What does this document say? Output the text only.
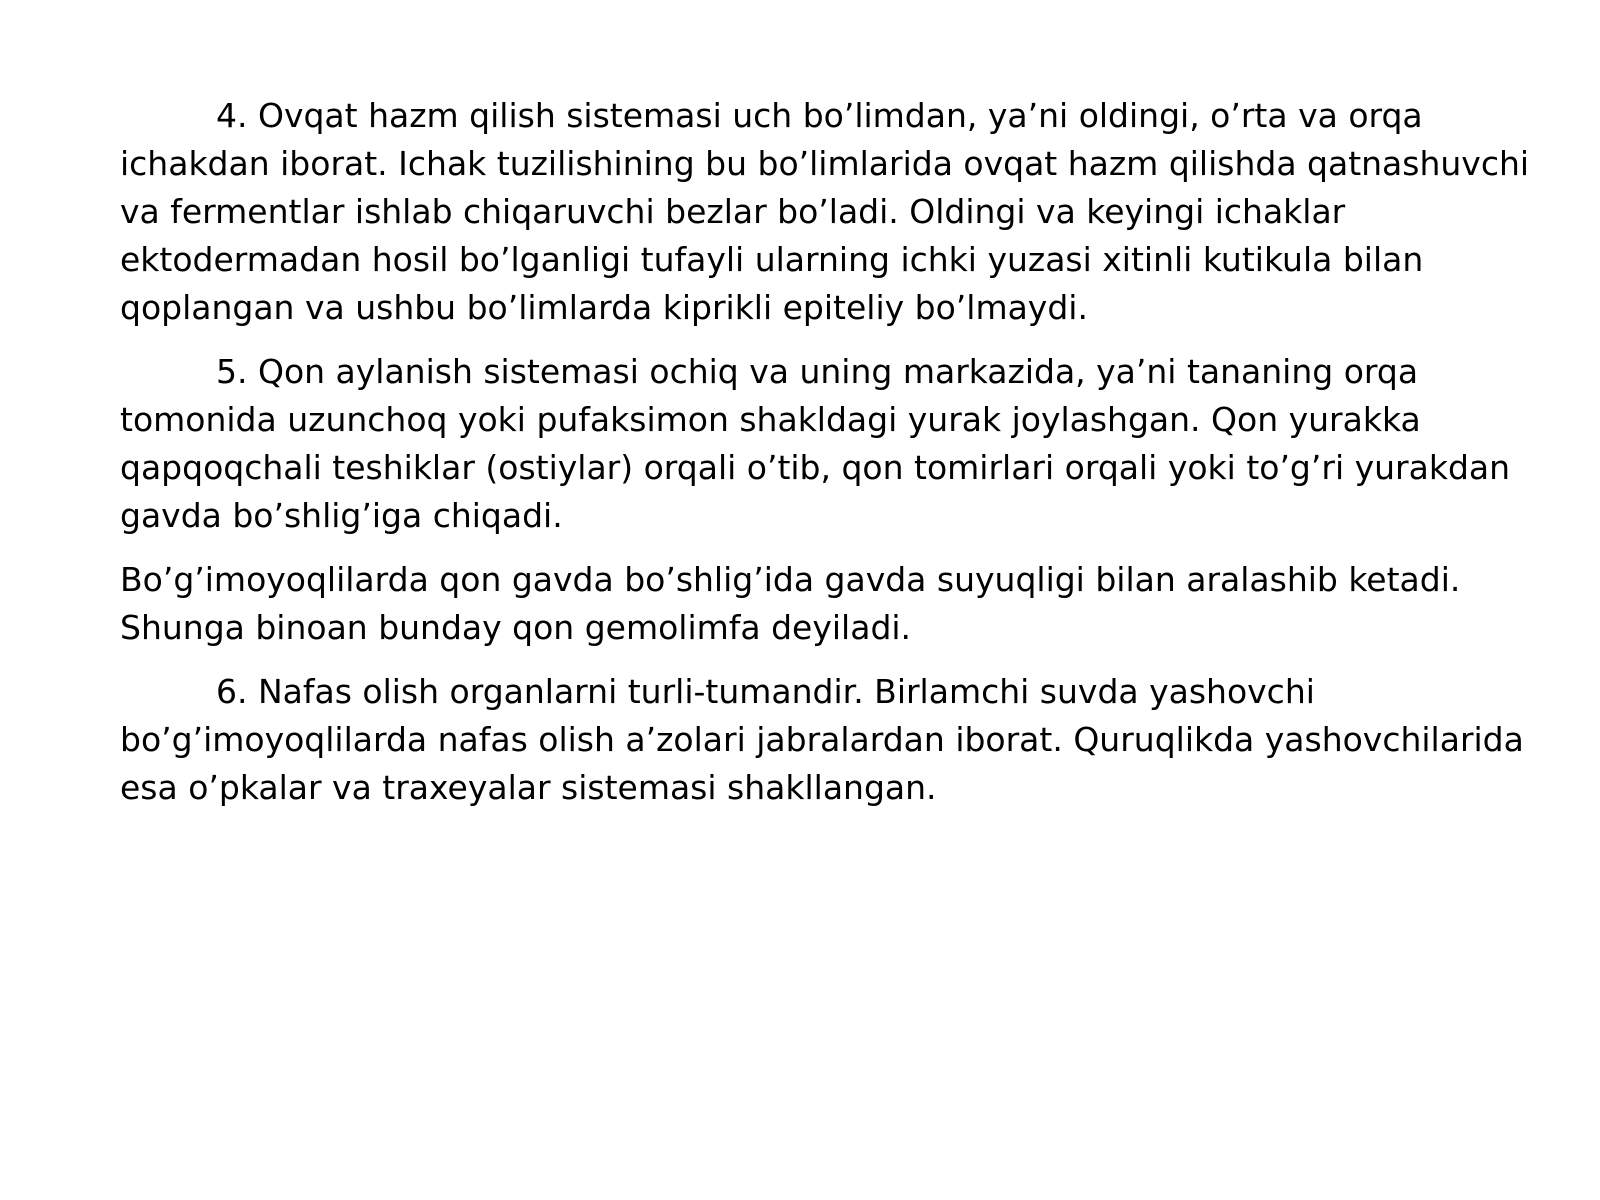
4. Ovqat hazm qilish sistemasi uch bo’limdan, ya’ni oldingi, o’rta va orqa ichakdan iborat. Ichak tuzilishining bu bo’limlarida ovqat hazm qilishda qatnashuvchi va fermentlar ishlab chiqaruvchi bezlar bo’ladi. Oldingi va keyingi ichaklar ektodermadan hosil bo’lganligi tufayli ularning ichki yuzasi xitinli kutikula bilan qoplangan va ushbu bo’limlarda kiprikli epiteliy bo’lmaydi.

5. Qon aylanish sistemasi ochiq va uning markazida, ya’ni tananing orqa tomonida uzunchoq yoki pufaksimon shakldagi yurak joylashgan. Qon yurakka qapqoqchali teshiklar (ostiylar) orqali o’tib, qon tomirlari orqali yoki to’g’ri yurakdan gavda bo’shlig’iga chiqadi.

Bo’g’imoyoqlilarda qon gavda bo’shlig’ida gavda suyuqligi bilan aralashib ketadi. Shunga binoan bunday qon gemolimfa deyiladi.

6. Nafas olish organlarni turli-tumandir. Birlamchi suvda yashovchi bo’g’imoyoqlilarda nafas olish a’zolari jabralardan iborat. Quruqlikda yashovchilarida esa o’pkalar va traxeyalar sistemasi shakllangan.
